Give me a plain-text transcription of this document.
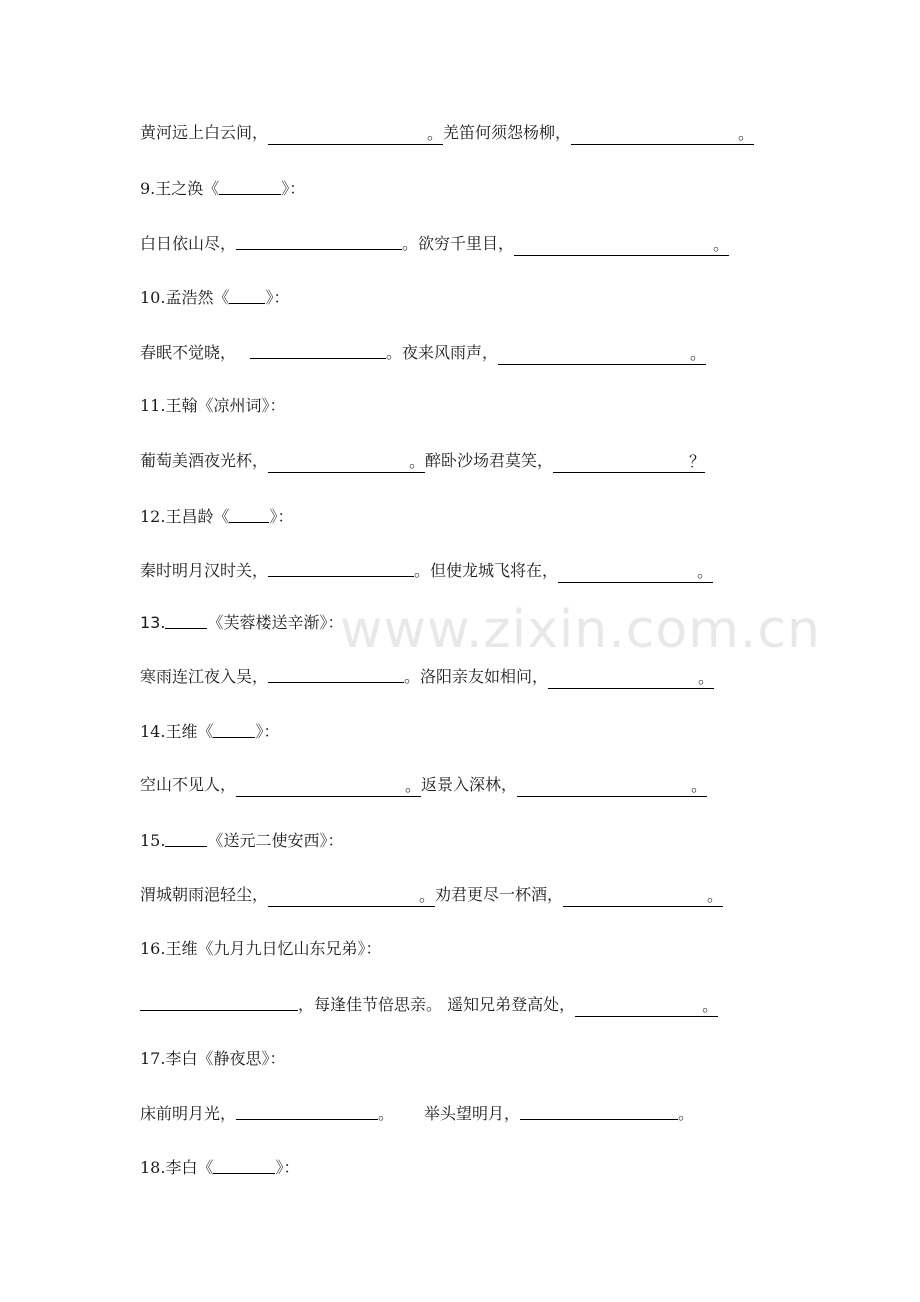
黄河远上白云间，	。羌笛何须怨杨柳，	。
9.王之涣《	》：
白日依山尽，	。欲穷千里目，	。
10.孟浩然《 》：
春眠不觉晓，	。夜来风雨声，	。
11.王翰《凉州词》：
葡萄美酒夜光杯，	。醉卧沙场君莫笑，	？
12.王昌龄《	》：
秦时明月汉时关，	。但使龙城飞将在，	。
13.	《芙蓉楼送辛渐》：
寒雨连江夜入吴，	。洛阳亲友如相问，	。
14.王维《	》：
空山不见人，	。返景入深林，	。
15.	《送元二使安西》：
渭城朝雨浥轻尘，	。劝君更尽一杯酒，	。
16.王维《九月九日忆山东兄弟》：
，每逢佳节倍思亲。 遥知兄弟登高处，	。
17.李白《静夜思》：
床前明月光，	。 举头望明月，	。
18.李白《	》：
www.zixin.com.cn
